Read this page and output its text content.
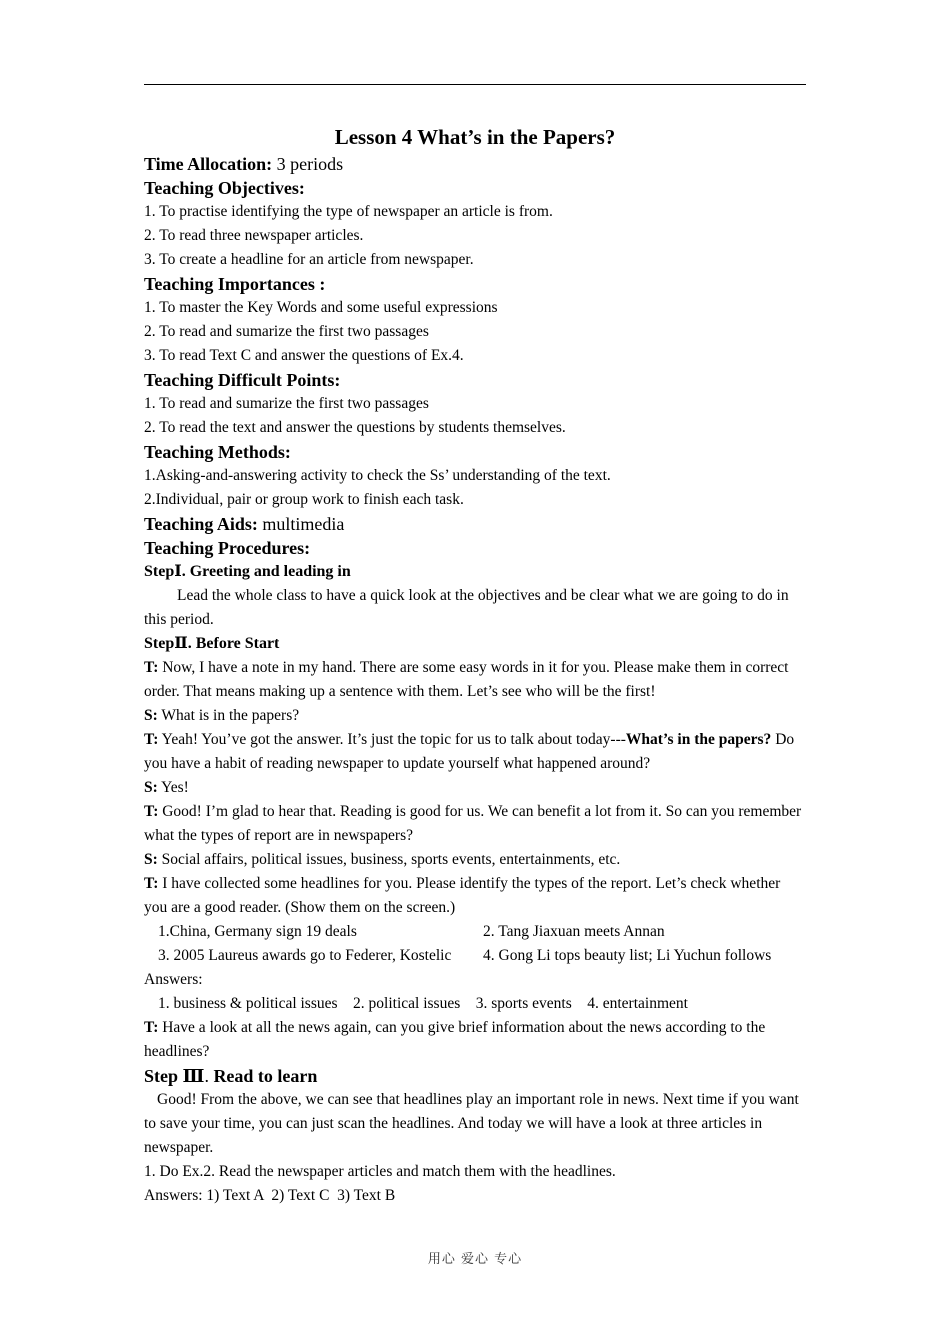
Lesson 4 What’s in the Papers?

Time Allocation: 3 periods

Teaching Objectives:

1. To practise identifying the type of newspaper an article is from.

2. To read three newspaper articles.

3. To create a headline for an article from newspaper.

Teaching Importances :

1. To master the Key Words and some useful expressions

2. To read and sumarize the first two passages

3. To read Text C and answer the questions of Ex.4.

Teaching Difficult Points:

1. To read and sumarize the first two passages

2. To read the text and answer the questions by students themselves.

Teaching Methods:

1.Asking-and-answering activity to check the Ss’ understanding of the text.

2.Individual, pair or group work to finish each task.

Teaching Aids: multimedia

Teaching Procedures:

StepⅠ. Greeting and leading in

Lead the whole class to have a quick look at the objectives and be clear what we are going to do in this period.

StepⅡ. Before Start

T: Now, I have a note in my hand. There are some easy words in it for you. Please make them in correct order. That means making up a sentence with them. Let’s see who will be the first!

S: What is in the papers?

T: Yeah! You’ve got the answer. It’s just the topic for us to talk about today---What’s in the papers? Do you have a habit of reading newspaper to update yourself what happened around?

S: Yes!

T: Good! I’m glad to hear that. Reading is good for us. We can benefit a lot from it. So can you remember what the types of report are in newspapers?

S: Social affairs, political issues, business, sports events, entertainments, etc.

T: I have collected some headlines for you. Please identify the types of the report. Let’s check whether you are a good reader. (Show them on the screen.)

1.China, Germany sign 19 deals	2. Tang Jiaxuan meets Annan
3. 2005 Laureus awards go to Federer, Kostelic	4. Gong Li tops beauty list; Li Yuchun follows

Answers:

1. business & political issues    2. political issues    3. sports events    4. entertainment

T: Have a look at all the news again, can you give brief information about the news according to the headlines?

Step Ⅲ. Read to learn

Good! From the above, we can see that headlines play an important role in news. Next time if you want to save your time, you can just scan the headlines. And today we will have a look at three articles in newspaper.

1. Do Ex.2. Read the newspaper articles and match them with the headlines.

Answers: 1) Text A  2) Text C  3) Text B

用心 爱心 专心
